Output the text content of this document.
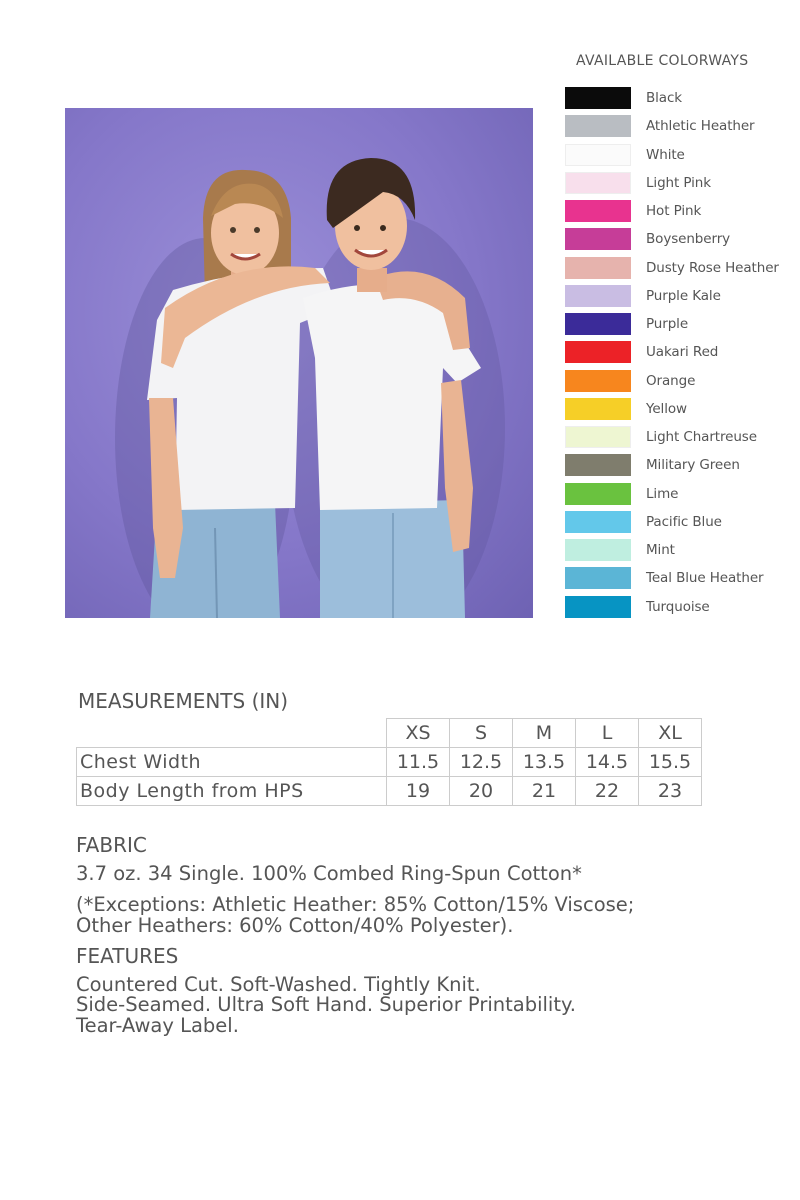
AVAILABLE COLORWAYS
Black
Athletic Heather
White
Light Pink
Hot Pink
Boysenberry
Dusty Rose Heather
Purple Kale
Purple
Uakari Red
Orange
Yellow
Light Chartreuse
Military Green
Lime
Pacific Blue
Mint
Teal Blue Heather
Turquoise
MEASUREMENTS (IN)
	XS	S	M	L	XL
Chest Width	11.5	12.5	13.5	14.5	15.5
Body Length from HPS	19	20	21	22	23
FABRIC
3.7 oz. 34 Single. 100% Combed Ring-Spun Cotton*
(*Exceptions: Athletic Heather: 85% Cotton/15% Viscose;
Other Heathers: 60% Cotton/40% Polyester).
FEATURES
Countered Cut. Soft-Washed. Tightly Knit.
Side-Seamed. Ultra Soft Hand. Superior Printability.
Tear-Away Label.
